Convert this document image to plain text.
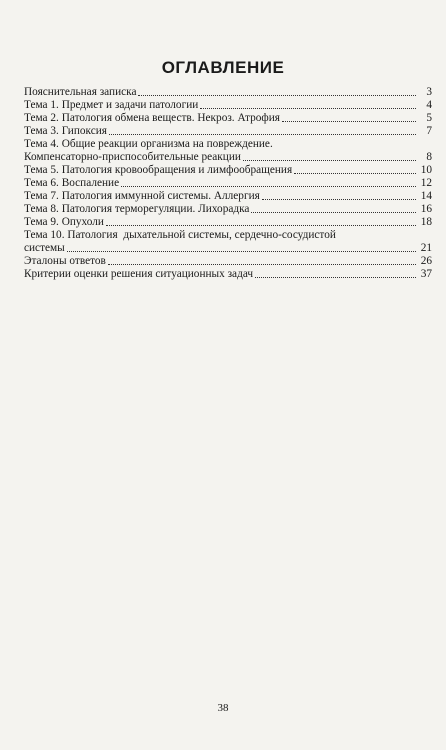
ОГЛАВЛЕНИЕ
Пояснительная записка	3
Тема 1. Предмет и задачи патологии	4
Тема 2. Патология обмена веществ. Некроз. Атрофия	5
Тема 3. Гипоксия	7
Тема 4. Общие реакции организма на повреждение.
Компенсаторно-приспособительные реакции	8
Тема 5. Патология кровообращения и лимфообращения	10
Тема 6. Воспаление	12
Тема 7. Патология иммунной системы. Аллергия	14
Тема 8. Патология терморегуляции. Лихорадка	16
Тема 9. Опухоли	18
Тема 10. Патология  дыхательной системы, сердечно-сосудистой
системы	21
Эталоны ответов	26
Критерии оценки решения ситуационных задач	37
38
